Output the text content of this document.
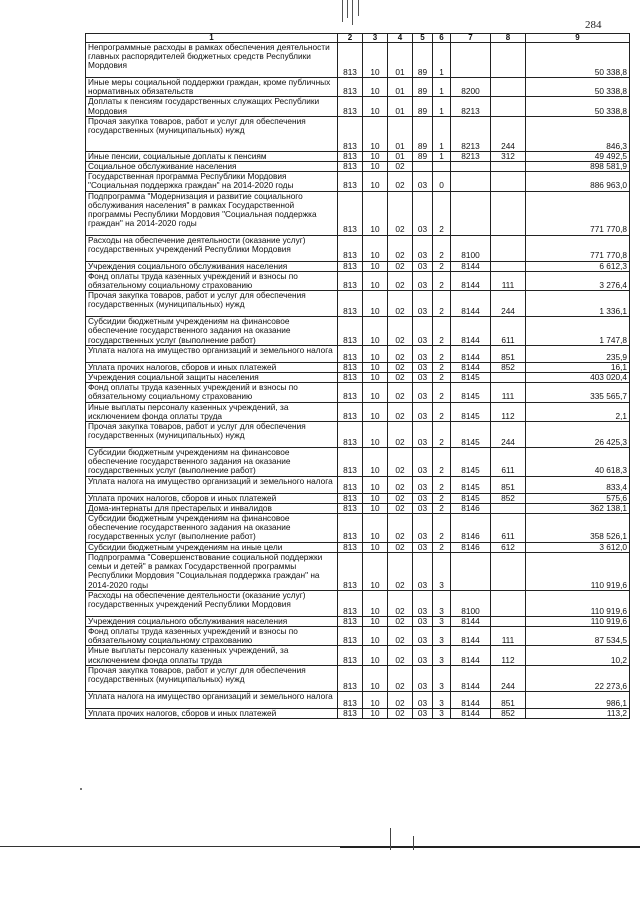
284
1	2	3	4	5	6	7	8	9
Непрограммные расходы в рамках обеспечения деятельности главных распорядителей бюджетных средств Республики Мордовия	813	10	01	89	1			50 338,8
Иные меры социальной поддержки граждан, кроме публичных нормативных обязательств	813	10	01	89	1	8200		50 338,8
Доплаты к пенсиям государственных служащих Республики Мордовия	813	10	01	89	1	8213		50 338,8
Прочая закупка товаров, работ и услуг для обеспечения государственных (муниципальных) нужд	813	10	01	89	1	8213	244	846,3
Иные пенсии, социальные доплаты к пенсиям	813	10	01	89	1	8213	312	49 492,5
Социальное обслуживание населения	813	10	02					898 581,9
Государственная программа Республики Мордовия "Социальная поддержка граждан" на 2014-2020 годы	813	10	02	03	0			886 963,0
Подпрограмма "Модернизация и развитие социального обслуживания населения" в рамках Государственной программы Республики Мордовия "Социальная поддержка граждан" на 2014-2020 годы	813	10	02	03	2			771 770,8
Расходы на обеспечение деятельности (оказание услуг) государственных учреждений Республики Мордовия	813	10	02	03	2	8100		771 770,8
Учреждения социального обслуживания населения	813	10	02	03	2	8144		6 612,3
Фонд оплаты труда казенных учреждений и взносы по обязательному социальному страхованию	813	10	02	03	2	8144	111	3 276,4
Прочая закупка товаров, работ и услуг для обеспечения государственных (муниципальных) нужд	813	10	02	03	2	8144	244	1 336,1
Субсидии бюджетным учреждениям на финансовое обеспечение государственного задания на оказание государственных услуг (выполнение работ)	813	10	02	03	2	8144	611	1 747,8
Уплата налога на имущество организаций и земельного налога	813	10	02	03	2	8144	851	235,9
Уплата прочих налогов, сборов и иных платежей	813	10	02	03	2	8144	852	16,1
Учреждения социальной защиты населения	813	10	02	03	2	8145		403 020,4
Фонд оплаты труда казенных учреждений и взносы по обязательному социальному страхованию	813	10	02	03	2	8145	111	335 565,7
Иные выплаты персоналу казенных учреждений, за исключением фонда оплаты труда	813	10	02	03	2	8145	112	2,1
Прочая закупка товаров, работ и услуг для обеспечения государственных (муниципальных) нужд	813	10	02	03	2	8145	244	26 425,3
Субсидии бюджетным учреждениям на финансовое обеспечение государственного задания на оказание государственных услуг (выполнение работ)	813	10	02	03	2	8145	611	40 618,3
Уплата налога на имущество организаций и земельного налога	813	10	02	03	2	8145	851	833,4
Уплата прочих налогов, сборов и иных платежей	813	10	02	03	2	8145	852	575,6
Дома-интернаты для престарелых и инвалидов	813	10	02	03	2	8146		362 138,1
Субсидии бюджетным учреждениям на финансовое обеспечение государственного задания на оказание государственных услуг (выполнение работ)	813	10	02	03	2	8146	611	358 526,1
Субсидии бюджетным учреждениям на иные цели	813	10	02	03	2	8146	612	3 612,0
Подпрограмма "Совершенствование социальной поддержки семьи и детей" в рамках Государственной программы Республики Мордовия "Социальная поддержка граждан" на 2014-2020 годы	813	10	02	03	3			110 919,6
Расходы на обеспечение деятельности (оказание услуг) государственных учреждений Республики Мордовия	813	10	02	03	3	8100		110 919,6
Учреждения социального обслуживания населения	813	10	02	03	3	8144		110 919,6
Фонд оплаты труда казенных учреждений и взносы по обязательному социальному страхованию	813	10	02	03	3	8144	111	87 534,5
Иные выплаты персоналу казенных учреждений, за исключением фонда оплаты труда	813	10	02	03	3	8144	112	10,2
Прочая закупка товаров, работ и услуг для обеспечения государственных (муниципальных) нужд	813	10	02	03	3	8144	244	22 273,6
Уплата налога на имущество организаций и земельного налога	813	10	02	03	3	8144	851	986,1
Уплата прочих налогов, сборов и иных платежей	813	10	02	03	3	8144	852	113,2
